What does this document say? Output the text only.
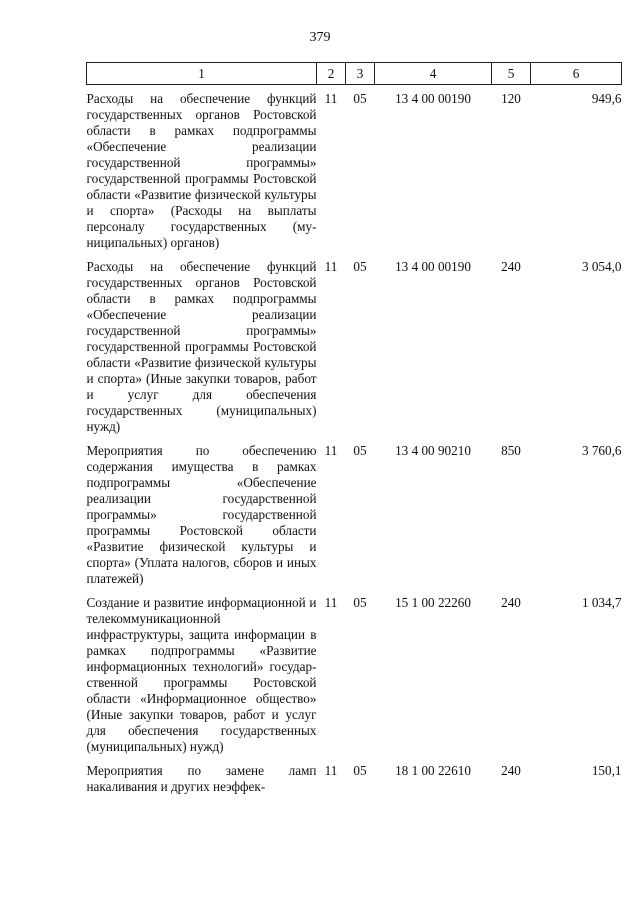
379
1	2	3	4	5	6
Расходы на обеспечение функций государственных органов Ростовской области в рамках подпрограммы «Обеспечение реализации государственной программы» государственной программы Ростовской области «Развитие физической культуры и спорта» (Расходы на выплаты персоналу государственных (муниципальных) органов)	11	05	13 4 00 00190	120	949,6
Расходы на обеспечение функций государственных органов Ростовской области в рамках подпрограммы «Обеспечение реализации государственной программы» государственной программы Ростовской области «Развитие физической культуры и спорта» (Иные закупки товаров, работ и услуг для обеспечения государственных (муниципальных) нужд)	11	05	13 4 00 00190	240	3 054,0
Мероприятия по обеспечению содержания имущества в рамках подпрограммы «Обеспечение реализации государственной программы» государственной программы Ростовской области «Развитие физической культуры и спорта» (Уплата налогов, сборов и иных платежей)	11	05	13 4 00 90210	850	3 760,6
Создание и развитие информационной и телекоммуникационной инфраструктуры, защита информации в рамках подпрограммы «Развитие информационных технологий» государственной программы Ростовской области «Информационное общество» (Иные закупки товаров, работ и услуг для обеспечения государственных (муниципальных) нужд)	11	05	15 1 00 22260	240	1 034,7
Мероприятия по замене ламп накаливания и других неэффек-	11	05	18 1 00 22610	240	150,1
